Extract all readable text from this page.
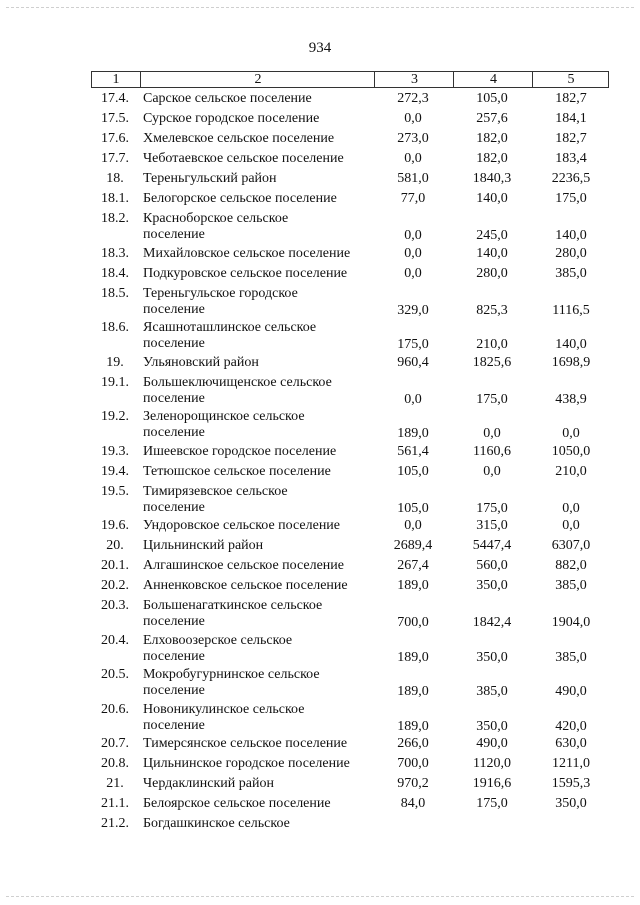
934
1	2	3	4	5
17.4.	Сарское сельское поселение	272,3	105,0	182,7
17.5.	Сурское городское поселение	0,0	257,6	184,1
17.6.	Хмелевское сельское поселение	273,0	182,0	182,7
17.7.	Чеботаевское сельское поселение	0,0	182,0	183,4
18.	Тереньгульский район	581,0	1840,3	2236,5
18.1.	Белогорское сельское поселение	77,0	140,0	175,0
18.2.	Красноборское сельское
поселение	0,0	245,0	140,0
18.3.	Михайловское сельское поселение	0,0	140,0	280,0
18.4.	Подкуровское сельское поселение	0,0	280,0	385,0
18.5.	Тереньгульское городское
поселение	329,0	825,3	1116,5
18.6.	Ясашноташлинское сельское
поселение	175,0	210,0	140,0
19.	Ульяновский район	960,4	1825,6	1698,9
19.1.	Большеключищенское сельское
поселение	0,0	175,0	438,9
19.2.	Зеленорощинское сельское
поселение	189,0	0,0	0,0
19.3.	Ишеевское городское поселение	561,4	1160,6	1050,0
19.4.	Тетюшское сельское поселение	105,0	0,0	210,0
19.5.	Тимирязевское сельское
поселение	105,0	175,0	0,0
19.6.	Ундоровское сельское поселение	0,0	315,0	0,0
20.	Цильнинский район	2689,4	5447,4	6307,0
20.1.	Алгашинское сельское поселение	267,4	560,0	882,0
20.2.	Анненковское сельское поселение	189,0	350,0	385,0
20.3.	Большенагаткинское сельское
поселение	700,0	1842,4	1904,0
20.4.	Елховоозерское сельское
поселение	189,0	350,0	385,0
20.5.	Мокробугурнинское сельское
поселение	189,0	385,0	490,0
20.6.	Новоникулинское сельское
поселение	189,0	350,0	420,0
20.7.	Тимерсянское сельское поселение	266,0	490,0	630,0
20.8.	Цильнинское городское поселение	700,0	1120,0	1211,0
21.	Чердаклинский район	970,2	1916,6	1595,3
21.1.	Белоярское сельское поселение	84,0	175,0	350,0
21.2.	Богдашкинское сельское
